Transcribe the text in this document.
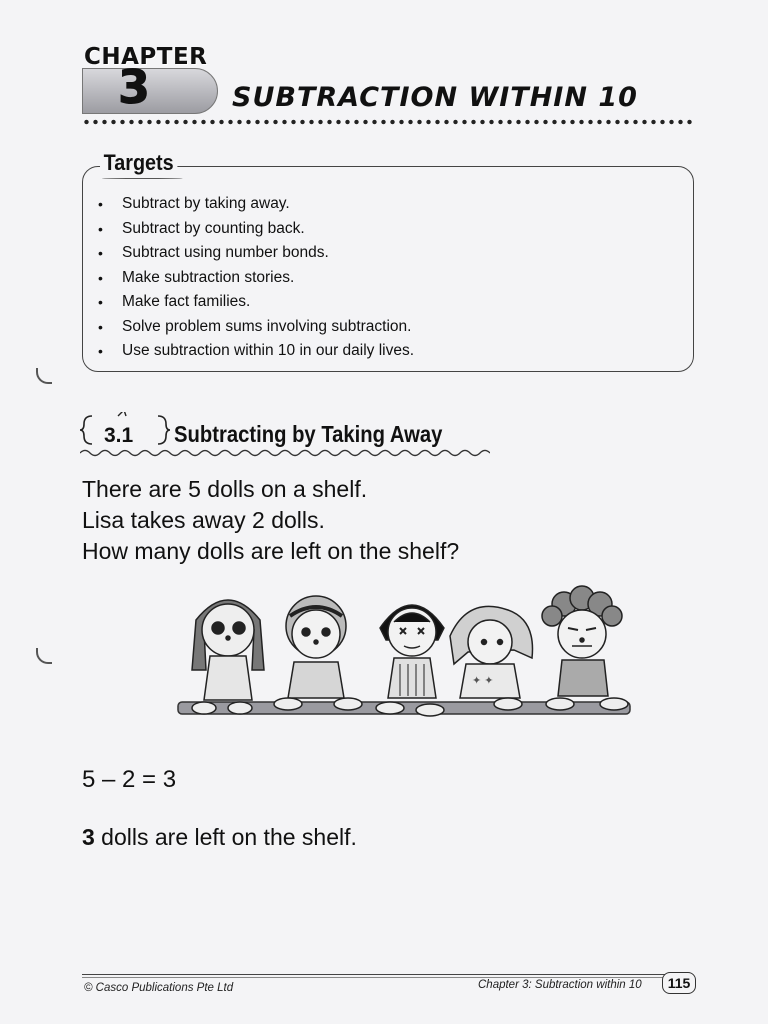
CHAPTER
3	SUBTRACTION WITHIN 10
Targets
• Subtract by taking away.
• Subtract by counting back.
• Subtract using number bonds.
• Make subtraction stories.
• Make fact families.
• Solve problem sums involving subtraction.
• Use subtraction within 10 in our daily lives.
3.1 Subtracting by Taking Away
There are 5 dolls on a shelf.
Lisa takes away 2 dolls.
How many dolls are left on the shelf?
✦ ✦
5 – 2 = 3
3 dolls are left on the shelf.
© Casco Publications Pte Ltd	Chapter 3: Subtraction within 10	115
